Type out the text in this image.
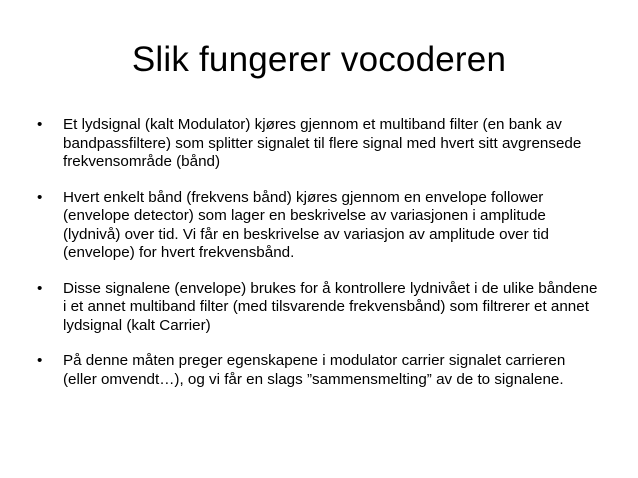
Slik fungerer vocoderen
•	Et lydsignal (kalt Modulator) kjøres gjennom et multiband filter (en bank av bandpassfiltere) som splitter signalet til flere signal med hvert sitt avgrensede frekvensområde (bånd)
•	Hvert enkelt bånd (frekvens bånd) kjøres gjennom en envelope follower (envelope detector) som lager en beskrivelse av variasjonen i amplitude (lydnivå) over tid. Vi får en beskrivelse av variasjon av amplitude over tid (envelope) for hvert frekvensbånd.
•	Disse signalene (envelope) brukes for å kontrollere lydnivået i de ulike båndene i et annet multiband filter (med tilsvarende frekvensbånd) som filtrerer et annet lydsignal (kalt Carrier)
•	På denne måten preger egenskapene i modulator carrier signalet carrieren (eller omvendt…), og vi får en slags ”sammensmelting” av de to signalene.
